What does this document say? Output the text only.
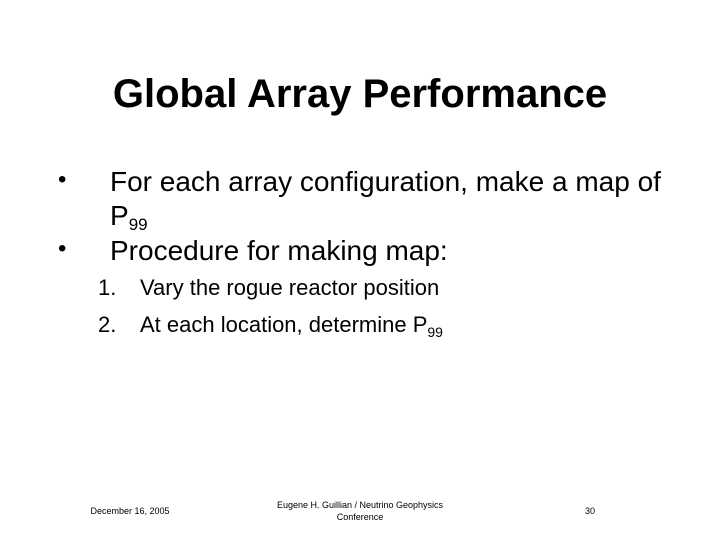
Global Array Performance
• For each array configuration, make a map of
$P_{99}$
• Procedure for making map:
1. Vary the rogue reactor position
2. At each location, determine $P_{99}$
December 16, 2005
Eugene H. Guillian / Neutrino Geophysics
Conference
30
